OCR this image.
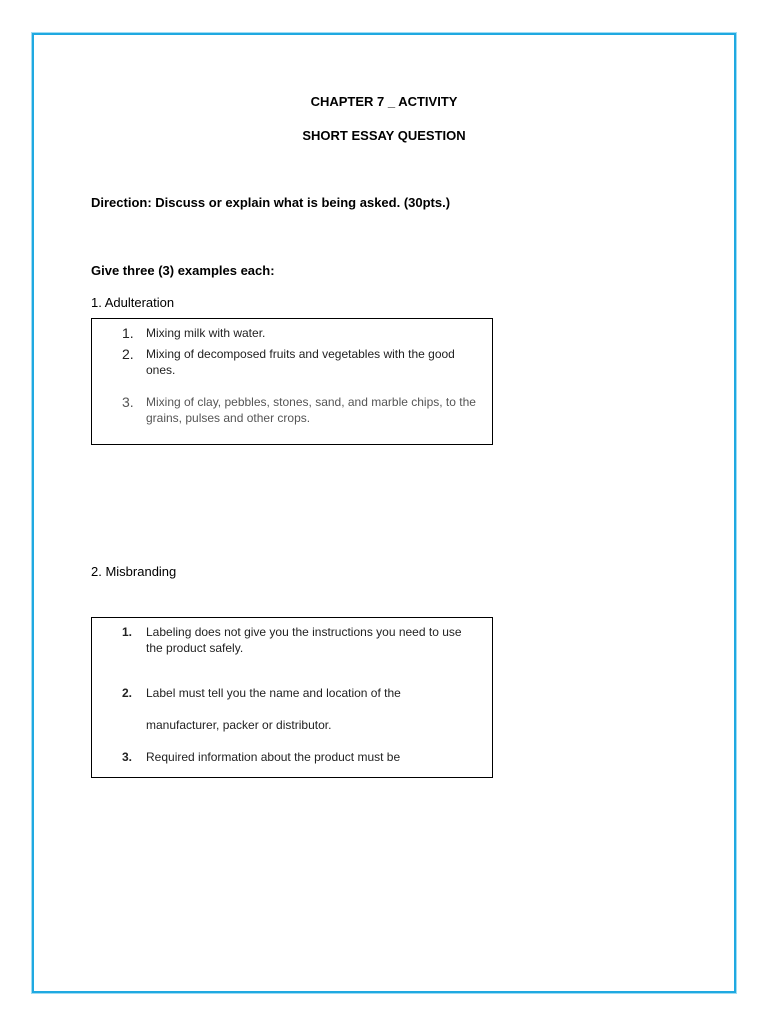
CHAPTER 7 _ ACTIVITY
SHORT ESSAY QUESTION
Direction: Discuss or explain what is being asked. (30pts.)
Give three (3) examples each:
1. Adulteration
1. Mixing milk with water.
2. Mixing of decomposed fruits and vegetables with the good ones.
3. Mixing of clay, pebbles, stones, sand, and marble chips, to the grains, pulses and other crops.
2. Misbranding
1. Labeling does not give you the instructions you need to use the product safely.
2. Label must tell you the name and location of the
manufacturer, packer or distributor.
3. Required information about the product must be
